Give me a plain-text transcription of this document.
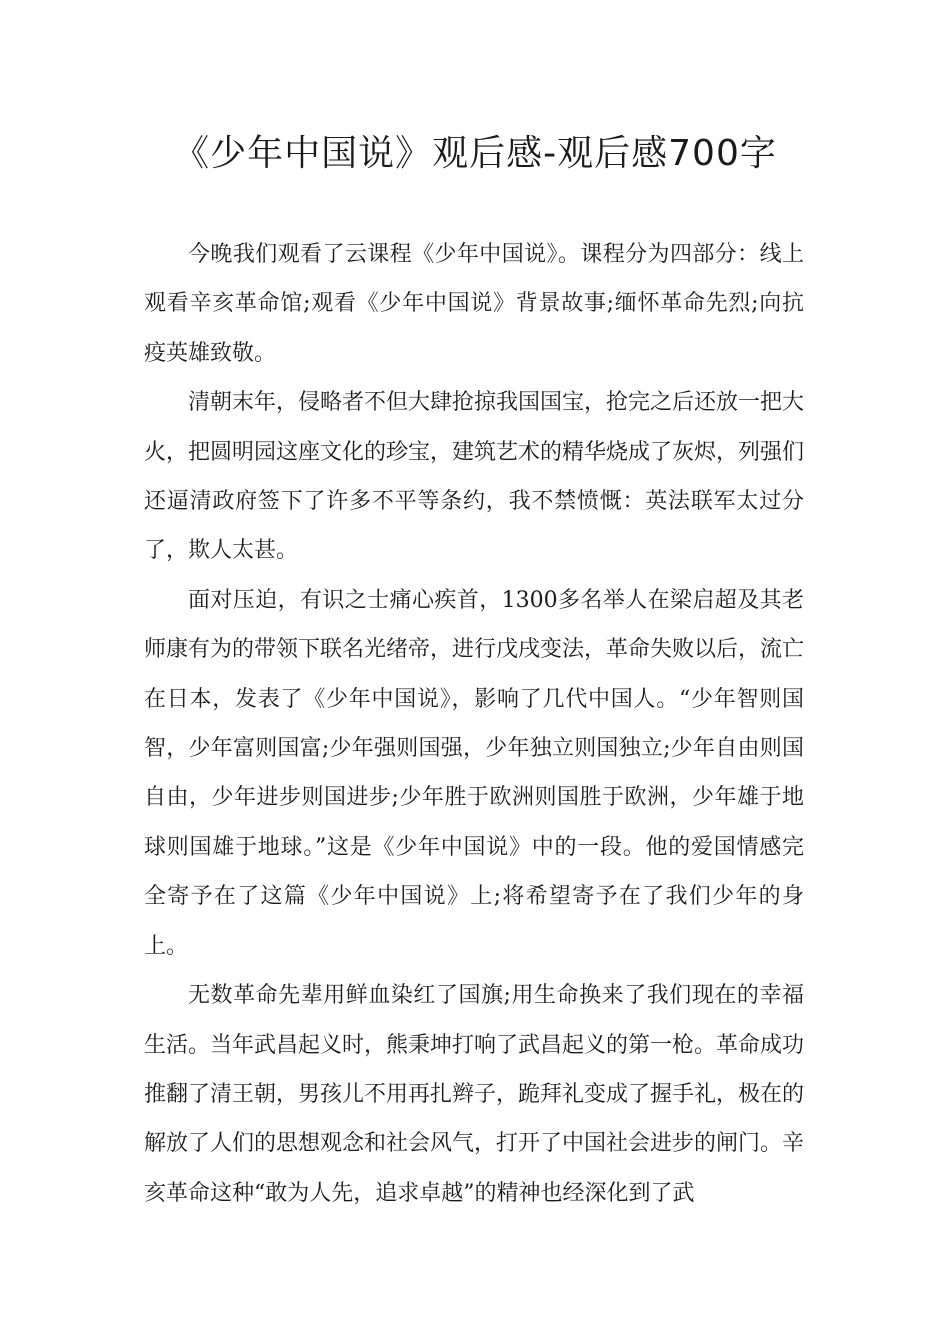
《少年中国说》观后感-观后感700字

今晚我们观看了云课程《少年中国说》。课程分为四部分：线上观看辛亥革命馆;观看《少年中国说》背景故事;缅怀革命先烈;向抗疫英雄致敬。

清朝末年，侵略者不但大肆抢掠我国国宝，抢完之后还放一把大火，把圆明园这座文化的珍宝，建筑艺术的精华烧成了灰烬，列强们还逼清政府签下了许多不平等条约，我不禁愤慨：英法联军太过分了，欺人太甚。

面对压迫，有识之士痛心疾首，1300多名举人在梁启超及其老师康有为的带领下联名光绪帝，进行戊戌变法，革命失败以后，流亡在日本，发表了《少年中国说》，影响了几代中国人。“少年智则国智，少年富则国富;少年强则国强，少年独立则国独立;少年自由则国自由，少年进步则国进步;少年胜于欧洲则国胜于欧洲，少年雄于地球则国雄于地球。”这是《少年中国说》中的一段。他的爱国情感完全寄予在了这篇《少年中国说》上;将希望寄予在了我们少年的身上。

无数革命先辈用鲜血染红了国旗;用生命换来了我们现在的幸福生活。当年武昌起义时，熊秉坤打响了武昌起义的第一枪。革命成功推翻了清王朝，男孩儿不用再扎辫子，跪拜礼变成了握手礼，极在的解放了人们的思想观念和社会风气，打开了中国社会进步的闸门。辛亥革命这种“敢为人先，追求卓越”的精神也经深化到了武
